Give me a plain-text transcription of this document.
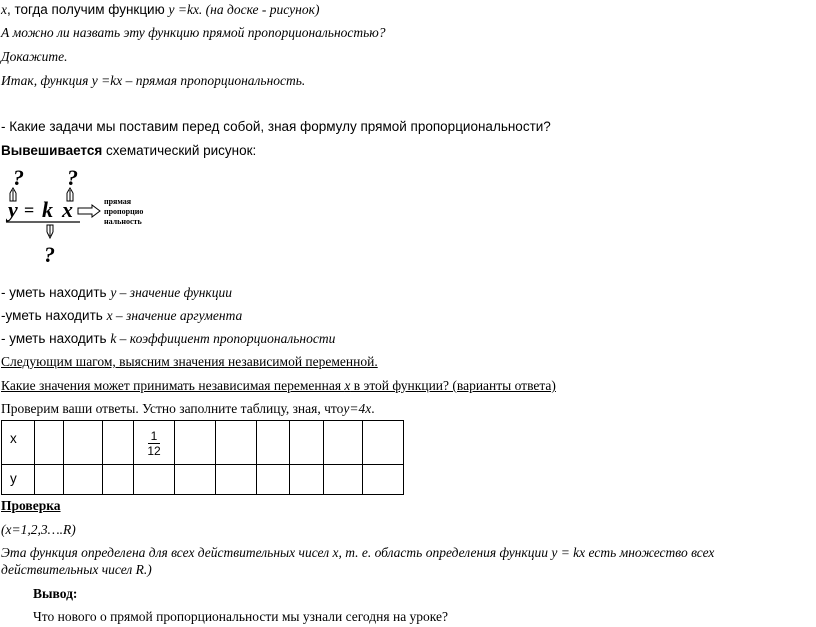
x, тогда получим функцию y =kx. (на доске - рисунок)
А можно ли назвать эту функцию прямой пропорциональностью?
Докажите.
Итак, функция y =kx – прямая пропорциональность.
- Какие задачи мы поставим перед собой, зная формулу прямой пропорциональности?
Вывешивается схематический рисунок:
? ?
y = k x	прямая
пропорцио
нальность
?
- уметь находить y – значение функции
-уметь находить x – значение аргумента
- уметь находить k – коэффициент пропорциональности
Следующим шагом, выясним значения независимой переменной.
Какие значения может принимать независимая переменная x в этой функции? (варианты ответа)
Проверим ваши ответы. Устно заполните таблицу, зная, чтоy=4x.
x				$\frac{1}{12}$

y										
Проверка
(x=1,2,3….R)
Эта функция определена для всех действительных чисел x, т. е. область определения функции y = kx есть множество всех
действительных чисел R.)
Вывод:
Что нового о прямой пропорциональности мы узнали сегодня на уроке?
